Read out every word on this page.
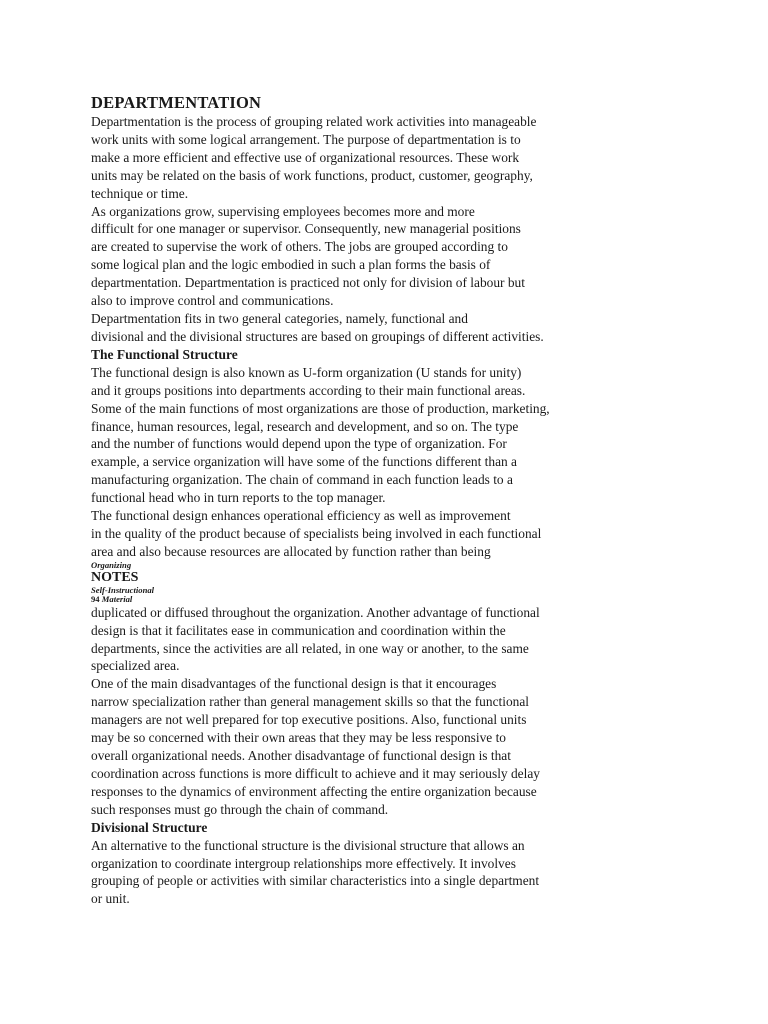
DEPARTMENTATION
Departmentation is the process of grouping related work activities into manageable
work units with some logical arrangement. The purpose of departmentation is to
make a more efficient and effective use of organizational resources. These work
units may be related on the basis of work functions, product, customer, geography,
technique or time.
As organizations grow, supervising employees becomes more and more
difficult for one manager or supervisor. Consequently, new managerial positions
are created to supervise the work of others. The jobs are grouped according to
some logical plan and the logic embodied in such a plan forms the basis of
departmentation. Departmentation is practiced not only for division of labour but
also to improve control and communications.
Departmentation fits in two general categories, namely, functional and
divisional and the divisional structures are based on groupings of different activities.
The Functional Structure
The functional design is also known as U-form organization (U stands for unity)
and it groups positions into departments according to their main functional areas.
Some of the main functions of most organizations are those of production, marketing,
finance, human resources, legal, research and development, and so on. The type
and the number of functions would depend upon the type of organization. For
example, a service organization will have some of the functions different than a
manufacturing organization. The chain of command in each function leads to a
functional head who in turn reports to the top manager.
The functional design enhances operational efficiency as well as improvement
in the quality of the product because of specialists being involved in each functional
area and also because resources are allocated by function rather than being
Organizing
NOTES
Self-Instructional
94 Material
duplicated or diffused throughout the organization. Another advantage of functional
design is that it facilitates ease in communication and coordination within the
departments, since the activities are all related, in one way or another, to the same
specialized area.
One of the main disadvantages of the functional design is that it encourages
narrow specialization rather than general management skills so that the functional
managers are not well prepared for top executive positions. Also, functional units
may be so concerned with their own areas that they may be less responsive to
overall organizational needs. Another disadvantage of functional design is that
coordination across functions is more difficult to achieve and it may seriously delay
responses to the dynamics of environment affecting the entire organization because
such responses must go through the chain of command.
Divisional Structure
An alternative to the functional structure is the divisional structure that allows an
organization to coordinate intergroup relationships more effectively. It involves
grouping of people or activities with similar characteristics into a single department
or unit.
